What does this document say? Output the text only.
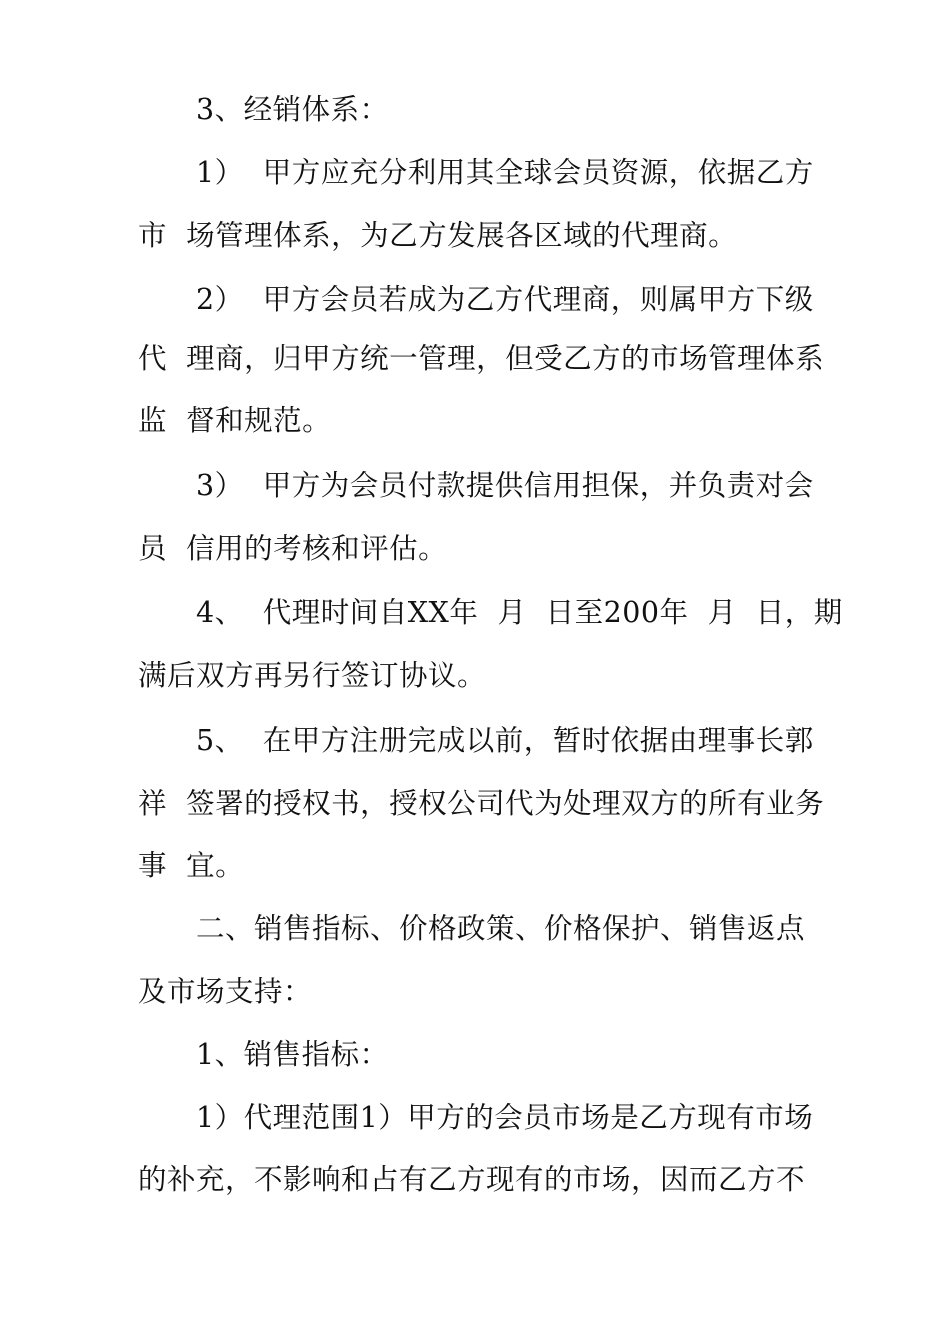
3、经销体系：
1）  甲方应充分利用其全球会员资源，依据乙方
市  场管理体系，为乙方发展各区域的代理商。
2）  甲方会员若成为乙方代理商，则属甲方下级
代  理商，归甲方统一管理，但受乙方的市场管理体系
监  督和规范。
3）  甲方为会员付款提供信用担保，并负责对会
员  信用的考核和评估。
4、  代理时间自XX年  月  日至200年  月  日，期
满后双方再另行签订协议。
5、  在甲方注册完成以前，暂时依据由理事长郭
祥  签署的授权书，授权公司代为处理双方的所有业务
事  宜。
二、销售指标、价格政策、价格保护、销售返点
及市场支持：
1、销售指标：
1）代理范围1）甲方的会员市场是乙方现有市场
的补充，不影响和占有乙方现有的市场，因而乙方不
